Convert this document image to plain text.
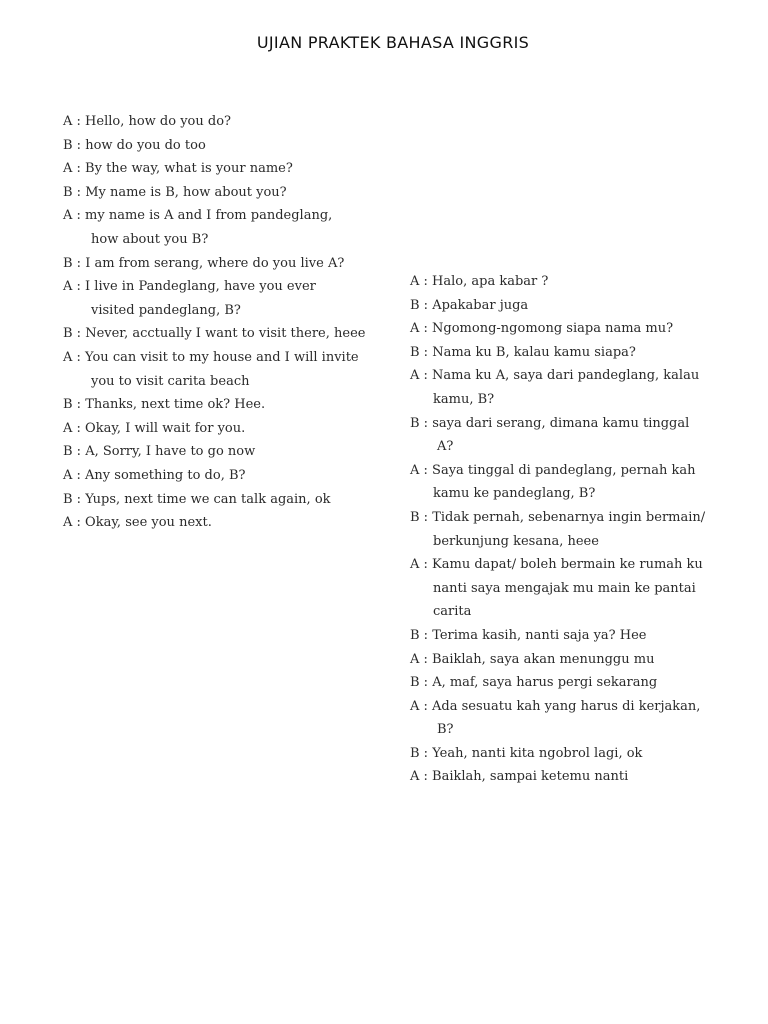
UJIAN PRAKTEK BAHASA INGGRIS
A : Hello, how do you do?
B : how do you do too
A : By the way, what is your name?
B : My name is B, how about you?
A : my name is A and I from pandeglang,
how about you B?
B : I am from serang, where do you live A?
A : I live in Pandeglang, have you ever
visited pandeglang, B?
B : Never, acctually I want to visit there, heee
A : You can visit to my house and I will invite
you to visit carita beach
B : Thanks, next time ok? Hee.
A : Okay, I will wait for you.
B : A, Sorry, I have to go now
A : Any something to do, B?
B : Yups, next time we can talk again, ok
A : Okay, see you next.
A : Halo, apa kabar ?
B : Apakabar juga
A : Ngomong-ngomong siapa nama mu?
B : Nama ku B, kalau kamu siapa?
A : Nama ku A, saya dari pandeglang, kalau
kamu, B?
B : saya dari serang, dimana kamu tinggal
A?
A : Saya tinggal di pandeglang, pernah kah
kamu ke pandeglang, B?
B : Tidak pernah, sebenarnya ingin bermain/
berkunjung kesana, heee
A : Kamu dapat/ boleh bermain ke rumah ku
nanti saya mengajak mu main ke pantai
carita
B : Terima kasih, nanti saja ya? Hee
A : Baiklah, saya akan menunggu mu
B : A, maf, saya harus pergi sekarang
A : Ada sesuatu kah yang harus di kerjakan,
B?
B : Yeah, nanti kita ngobrol lagi, ok
A : Baiklah, sampai ketemu nanti
